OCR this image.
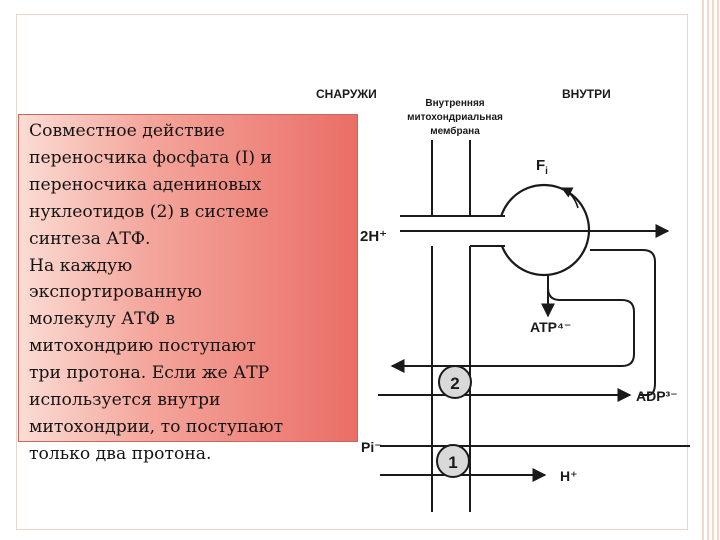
2
1
СНАРУЖИ	ВНУТРИ
Внутренняя
митохондриальная
мембрана
$F_i$
2H⁺
ATP⁴⁻
ADP³⁻
Pi⁻
H⁺
Совместное действие
переносчика фосфата (I) и
переносчика адениновых
нуклеотидов (2) в системе
синтеза АТФ.
На каждую
экспортированную
молекулу АТФ в
митохондрию поступают
три протона. Если же АТР
используется внутри
митохондрии, то поступают
только два протона.
